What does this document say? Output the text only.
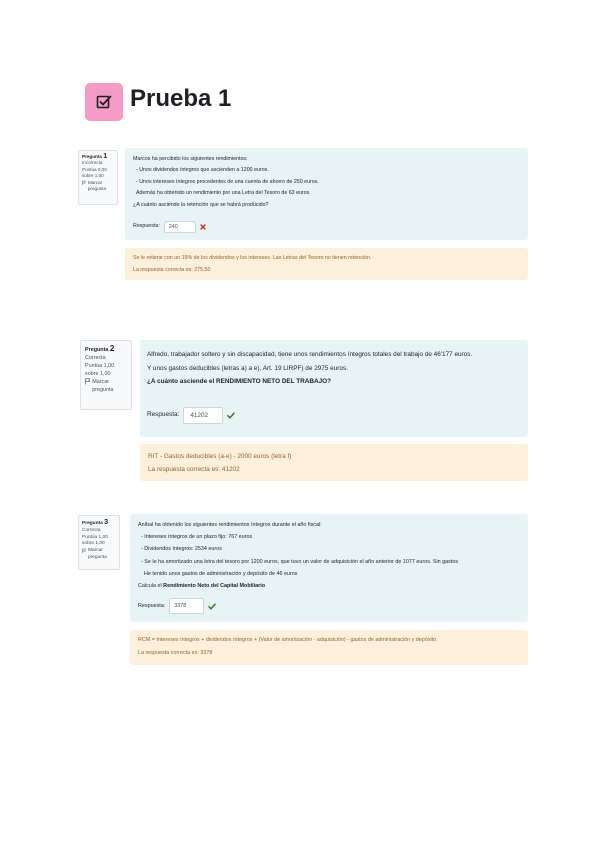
Prueba 1
Pregunta 1
Incorrecta
Puntúa 0,00 sobre 1,00
Marcar pregunta
Marcos ha percibido los siguientes rendimientos:
- Unos dividendos íntegros que ascienden a 1200 euros.
- Unos intereses íntegros procedentes de una cuenta de ahorro de 250 euros.
Además ha obtenido un rendimiento por una Letra del Tesoro de 63 euros
¿A cuánto asciende la retención que se habrá producido?
Respuesta:	240
Se le retiene con un 19% de los dividendos y los intereses. Las Letras del Tesoro no tienen retención.
La respuesta correcta es: 275,50
Pregunta 2
Correcta
Puntúa 1,00 sobre 1,00
Marcar pregunta
Alfredo, trabajador soltero y sin discapacidad, tiene unos rendimientos íntegros totales del trabajo de 46'177 euros.
Y unos gastos deducibles (letras a) a e), Art. 19 LIRPF) de 2975 euros.
¿A cuánto asciende el RENDIMIENTO NETO DEL TRABAJO?
Respuesta:	41202
RIT - Gastos deducibles (a-e) - 2000 euros (letra f)
La respuesta correcta es: 41202
Pregunta 3
Correcta
Puntúa 1,00 sobre 1,00
Marcar pregunta
Aníbal ha obtenido los siguientes rendimientos íntegros durante el año fiscal:
- Intereses íntegros de un plazo fijo: 767 euros
- Dividendos íntegros: 2534 euros
- Se le ha amortizado una letra del tesoro por 1200 euros, que tuvo un valor de adquisición el año anterior de 1077 euros. Sin gastos
He tenido unos gastos de administración y depósito de 46 euros
Calcula el Rendimiento Neto del Capital Mobiliario
Respuesta:	3378
RCM = Intereses íntegros + dividendos íntegros + (Valor de amortización - adquisición) - gastos de administración y depósito.
La respuesta correcta es: 3378
